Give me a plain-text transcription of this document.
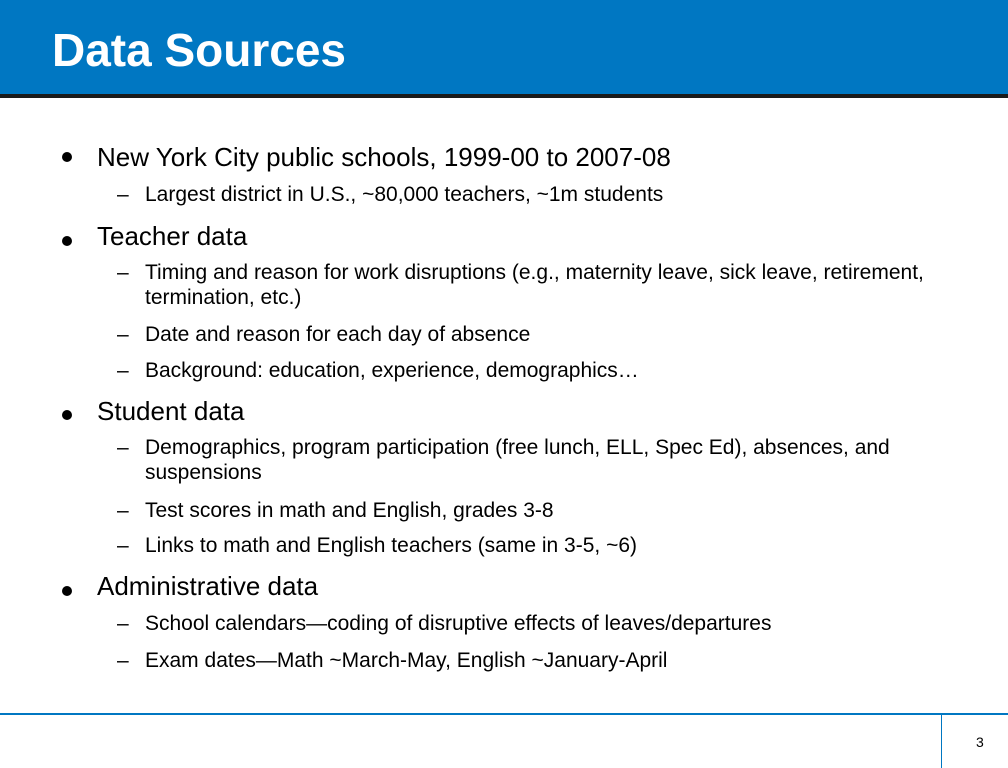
Data Sources
New York City public schools, 1999-00 to 2007-08
– Largest district in U.S., ~80,000 teachers, ~1m students
Teacher data
– Timing and reason for work disruptions (e.g., maternity leave, sick leave, retirement, termination, etc.)
– Date and reason for each day of absence
– Background: education, experience, demographics…
Student data
– Demographics, program participation (free lunch, ELL, Spec Ed), absences, and suspensions
– Test scores in math and English, grades 3-8
– Links to math and English teachers (same in 3-5, ~6)
Administrative data
– School calendars—coding of disruptive effects of leaves/departures
– Exam dates—Math ~March-May, English ~January-April
3
